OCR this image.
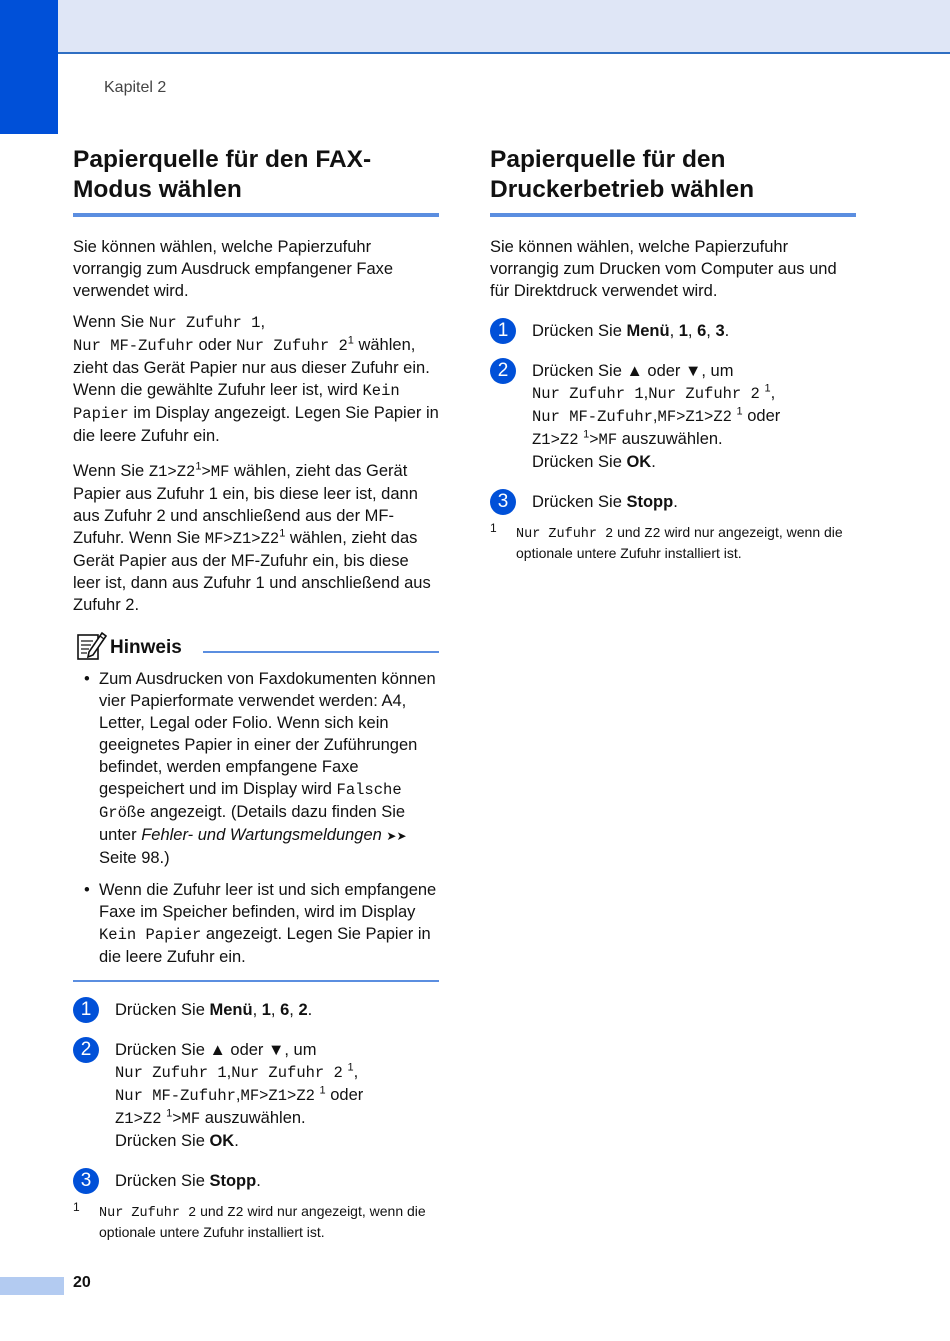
Kapitel 2
Papierquelle für den FAX-Modus wählen

Sie können wählen, welche Papierzufuhr vorrangig zum Ausdruck empfangener Faxe verwendet wird.

Wenn Sie Nur Zufuhr 1,
Nur MF-Zufuhr oder Nur Zufuhr $2^1$ wählen, zieht das Gerät Papier nur aus dieser Zufuhr ein. Wenn die gewählte Zufuhr leer ist, wird Kein Papier im Display angezeigt. Legen Sie Papier in die leere Zufuhr ein.

Wenn Sie $Z1>Z2^1>MF$ wählen, zieht das Gerät Papier aus Zufuhr 1 ein, bis diese leer ist, dann aus Zufuhr 2 und anschließend aus der MF-Zufuhr. Wenn Sie $MF>Z1>Z2^1$ wählen, zieht das Gerät Papier aus der MF-Zufuhr ein, bis diese leer ist, dann aus Zufuhr 1 und anschließend aus Zufuhr 2.

Hinweis
• Zum Ausdrucken von Faxdokumenten können vier Papierformate verwendet werden: A4, Letter, Legal oder Folio. Wenn sich kein geeignetes Papier in einer der Zuführungen befindet, werden empfangene Faxe gespeichert und im Display wird Falsche Größe angezeigt. (Details dazu finden Sie unter Fehler- und Wartungsmeldungen ➤➤ Seite 98.)
• Wenn die Zufuhr leer ist und sich empfangene Faxe im Speicher befinden, wird im Display Kein Papier angezeigt. Legen Sie Papier in die leere Zufuhr ein.
1	Drücken Sie Menü, 1, 6, 2.
2	Drücken Sie ▲ oder ▼, um
Nur Zufuhr 1,Nur Zufuhr 2 $^1$,
Nur MF-Zufuhr,MF>Z1>Z2 $^1$ oder
Z1>Z2 $^1$>MF auszuwählen.
Drücken Sie OK.
3	Drücken Sie Stopp.
1 Nur Zufuhr 2 und Z2 wird nur angezeigt, wenn die optionale untere Zufuhr installiert ist.
Papierquelle für den Druckerbetrieb wählen

Sie können wählen, welche Papierzufuhr vorrangig zum Drucken vom Computer aus und für Direktdruck verwendet wird.

1	Drücken Sie Menü, 1, 6, 3.
2	Drücken Sie ▲ oder ▼, um
Nur Zufuhr 1,Nur Zufuhr 2 $^1$,
Nur MF-Zufuhr,MF>Z1>Z2 $^1$ oder
Z1>Z2 $^1$>MF auszuwählen.
Drücken Sie OK.
3	Drücken Sie Stopp.
1 Nur Zufuhr 2 und Z2 wird nur angezeigt, wenn die optionale untere Zufuhr installiert ist.
20
